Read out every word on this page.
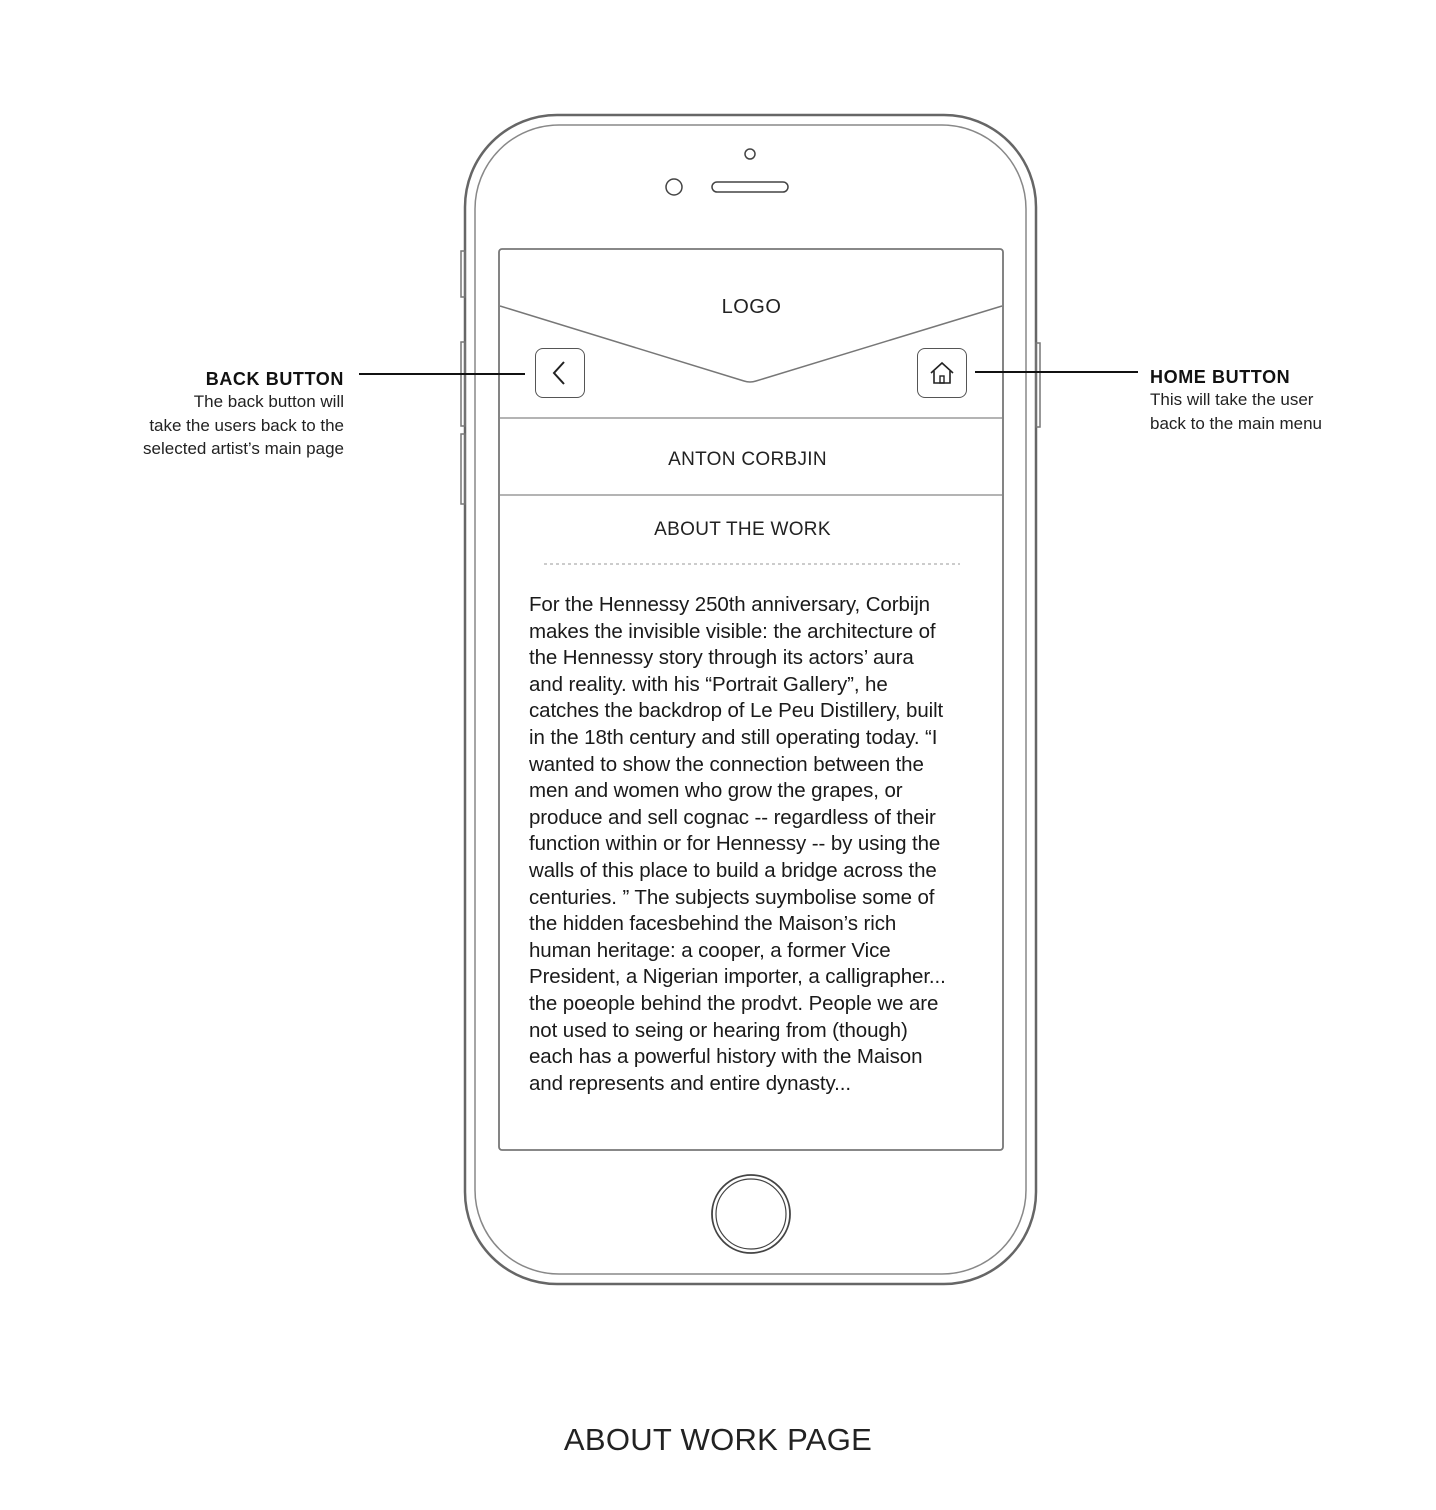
LOGO
ANTON CORBJIN
ABOUT THE WORK
For the Hennessy 250th anniversary, Corbijn
makes the invisible visible: the architecture of
the Hennessy story through its actors’ aura
and reality. with his “Portrait Gallery”, he
catches the backdrop of Le Peu Distillery, built
in the 18th century and still operating today. “I
wanted to show the connection between the
men and women who grow the grapes, or
produce and sell cognac -- regardless of their
function within or for Hennessy -- by using the
walls of this place to build a bridge across the
centuries. ” The subjects suymbolise some of
the hidden facesbehind the Maison’s rich
human heritage: a cooper, a former Vice
President, a Nigerian importer, a calligrapher...
the poeople behind the prodvt. People we are
not used to seing or hearing from (though)
each has a powerful history with the Maison
and represents and entire dynasty...
BACK BUTTON
The back button will
take the users back to the
selected artist’s main page
HOME BUTTON
This will take the user
back to the main menu
ABOUT WORK PAGE
